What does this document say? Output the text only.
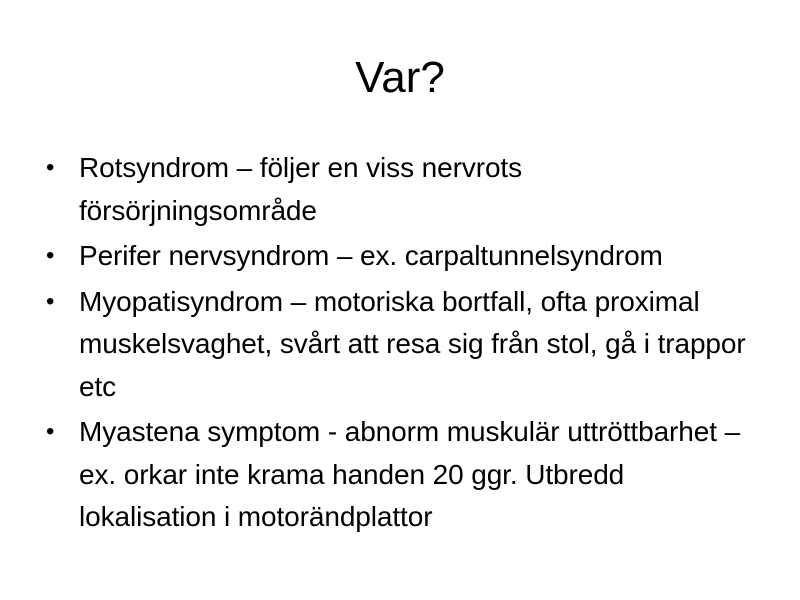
Var?
• Rotsyndrom – följer en viss nervrots försörjningsområde
• Perifer nervsyndrom – ex. carpaltunnelsyndrom
• Myopatisyndrom – motoriska bortfall, ofta proximal muskelsvaghet, svårt att resa sig från stol, gå i trappor etc
• Myastena symptom - abnorm muskulär uttröttbarhet – ex. orkar inte krama handen 20 ggr. Utbredd lokalisation i motorändplattor
